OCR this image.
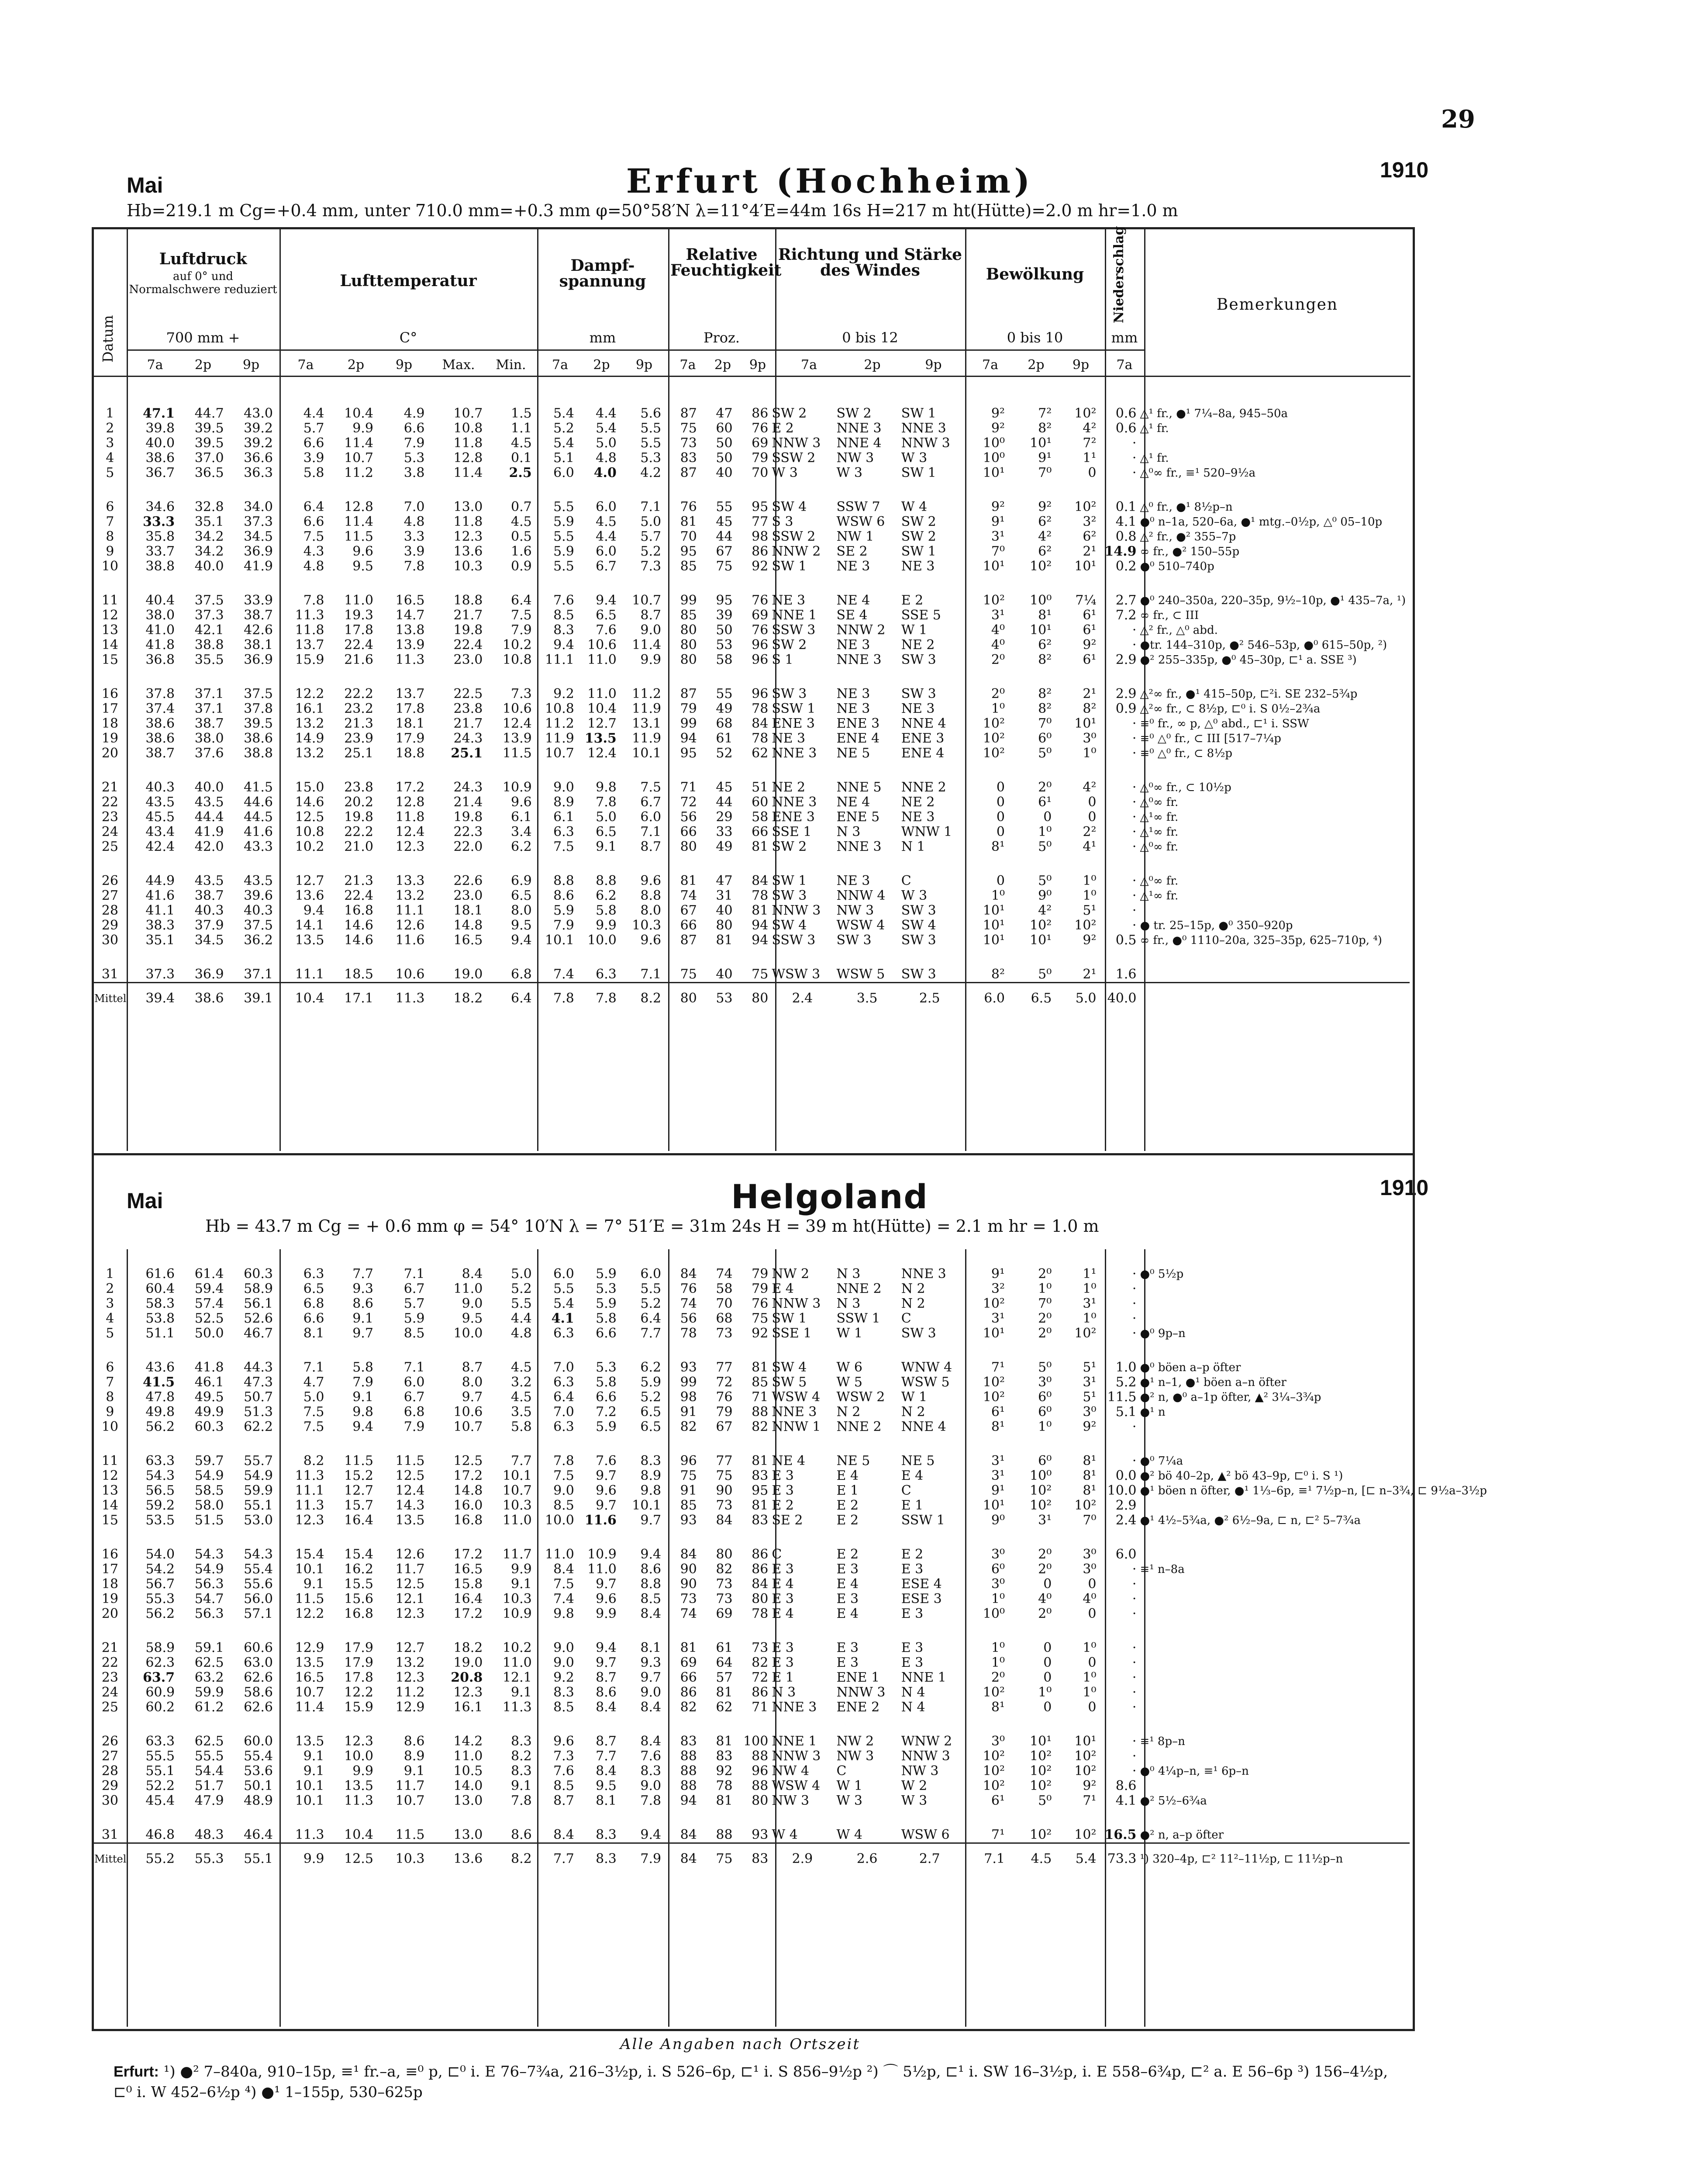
29
Mai	Erfurt (Hochheim)	1910
Hb=219.1 m Cg=+0.4 mm, unter 710.0 mm=+0.3 mm φ=50°58′N λ=11°4′E=44m 16s H=217 m ht(Hütte)=2.0 m hr=1.0 m
Datum
Luftdruck
auf 0° und Normalschwere reduziert
700 mm +
Lufttemperatur
C°
Dampf-spannung
mm
Relative Feuchtigkeit
Proz.
Richtung und Stärke des Windes
0 bis 12
Bewölkung
0 bis 10
Niederschlag
mm
Bemerkungen
7a	2p	9p	7a	2p	9p	Max.	Min.	7a	2p	9p	7a	2p	9p	7a	2p	9p	7a	2p	9p	7a
1	47.1	44.7	43.0	4.4	10.4	4.9	10.7	1.5	5.4	4.4	5.6	87	47	86	SW 2	SW 2	SW 1	9²	7²	10²	0.6	△¹ fr., ●¹ 7¼–8a, 945–50a
2	39.8	39.5	39.2	5.7	9.9	6.6	10.8	1.1	5.2	5.4	5.5	75	60	76	E 2	NNE 3	NNE 3	9²	8²	4²	0.6	△¹ fr.
3	40.0	39.5	39.2	6.6	11.4	7.9	11.8	4.5	5.4	5.0	5.5	73	50	69	NNW 3	NNE 4	NNW 3	10⁰	10¹	7²	·	
4	38.6	37.0	36.6	3.9	10.7	5.3	12.8	0.1	5.1	4.8	5.3	83	50	79	SSW 2	NW 3	W 3	10⁰	9¹	1¹	·	△¹ fr.
5	36.7	36.5	36.3	5.8	11.2	3.8	11.4	2.5	6.0	4.0	4.2	87	40	70	W 3	W 3	SW 1	10¹	7⁰	0	·	△⁰∞ fr., ≡¹ 520–9½a

6	34.6	32.8	34.0	6.4	12.8	7.0	13.0	0.7	5.5	6.0	7.1	76	55	95	SW 4	SSW 7	W 4	9²	9²	10²	0.1	△⁰ fr., ●¹ 8½p–n
7	33.3	35.1	37.3	6.6	11.4	4.8	11.8	4.5	5.9	4.5	5.0	81	45	77	S 3	WSW 6	SW 2	9¹	6²	3²	4.1	●⁰ n–1a, 520–6a, ●¹ mtg.–0½p, △⁰ 05–10p
8	35.8	34.2	34.5	7.5	11.5	3.3	12.3	0.5	5.5	4.4	5.7	70	44	98	SSW 2	NW 1	SW 2	3¹	4²	6²	0.8	△² fr., ●² 355–7p
9	33.7	34.2	36.9	4.3	9.6	3.9	13.6	1.6	5.9	6.0	5.2	95	67	86	NNW 2	SE 2	SW 1	7⁰	6²	2¹	14.9	∞ fr., ●² 150–55p
10	38.8	40.0	41.9	4.8	9.5	7.8	10.3	0.9	5.5	6.7	7.3	85	75	92	SW 1	NE 3	NE 3	10¹	10²	10¹	0.2	●⁰ 510–740p

11	40.4	37.5	33.9	7.8	11.0	16.5	18.8	6.4	7.6	9.4	10.7	99	95	76	NE 3	NE 4	E 2	10²	10⁰	7¼	2.7	●⁰ 240–350a, 220–35p, 9½–10p, ●¹ 435–7a, ¹)
12	38.0	37.3	38.7	11.3	19.3	14.7	21.7	7.5	8.5	6.5	8.7	85	39	69	NNE 1	SE 4	SSE 5	3¹	8¹	6¹	7.2	∞ fr., ⊂ III
13	41.0	42.1	42.6	11.8	17.8	13.8	19.8	7.9	8.3	7.6	9.0	80	50	76	SSW 3	NNW 2	W 1	4⁰	10¹	6¹	·	△² fr., △⁰ abd.
14	41.8	38.8	38.1	13.7	22.4	13.9	22.4	10.2	9.4	10.6	11.4	80	53	96	SW 2	NE 3	NE 2	4⁰	6²	9²	·	●tr. 144–310p, ●² 546–53p, ●⁰ 615–50p, ²)
15	36.8	35.5	36.9	15.9	21.6	11.3	23.0	10.8	11.1	11.0	9.9	80	58	96	S 1	NNE 3	SW 3	2⁰	8²	6¹	2.9	●² 255–335p, ●⁰ 45–30p, ⊏¹ a. SSE ³)

16	37.8	37.1	37.5	12.2	22.2	13.7	22.5	7.3	9.2	11.0	11.2	87	55	96	SW 3	NE 3	SW 3	2⁰	8²	2¹	2.9	△²∞ fr., ●¹ 415–50p, ⊏²i. SE 232–5¾p
17	37.4	37.1	37.8	16.1	23.2	17.8	23.8	10.6	10.8	10.4	11.9	79	49	78	SSW 1	NE 3	NE 3	1⁰	8²	8²	0.9	△²∞ fr., ⊂ 8½p, ⊏⁰ i. S 0½–2¾a
18	38.6	38.7	39.5	13.2	21.3	18.1	21.7	12.4	11.2	12.7	13.1	99	68	84	ENE 3	ENE 3	NNE 4	10²	7⁰	10¹	·	≡⁰ fr., ∞ p, △⁰ abd., ⊏¹ i. SSW
19	38.6	38.0	38.6	14.9	23.9	17.9	24.3	13.9	11.9	13.5	11.9	94	61	78	NE 3	ENE 4	ENE 3	10²	6⁰	3⁰	·	≡⁰ △⁰ fr., ⊂ III [517–7¼p
20	38.7	37.6	38.8	13.2	25.1	18.8	25.1	11.5	10.7	12.4	10.1	95	52	62	NNE 3	NE 5	ENE 4	10²	5⁰	1⁰	·	≡⁰ △⁰ fr., ⊂ 8½p

21	40.3	40.0	41.5	15.0	23.8	17.2	24.3	10.9	9.0	9.8	7.5	71	45	51	NE 2	NNE 5	NNE 2	0	2⁰	4²	·	△⁰∞ fr., ⊂ 10½p
22	43.5	43.5	44.6	14.6	20.2	12.8	21.4	9.6	8.9	7.8	6.7	72	44	60	NNE 3	NE 4	NE 2	0	6¹	0	·	△⁰∞ fr.
23	45.5	44.4	44.5	12.5	19.8	11.8	19.8	6.1	6.1	5.0	6.0	56	29	58	ENE 3	ENE 5	NE 3	0	0	0	·	△¹∞ fr.
24	43.4	41.9	41.6	10.8	22.2	12.4	22.3	3.4	6.3	6.5	7.1	66	33	66	SSE 1	N 3	WNW 1	0	1⁰	2²	·	△¹∞ fr.
25	42.4	42.0	43.3	10.2	21.0	12.3	22.0	6.2	7.5	9.1	8.7	80	49	81	SW 2	NNE 3	N 1	8¹	5⁰	4¹	·	△⁰∞ fr.

26	44.9	43.5	43.5	12.7	21.3	13.3	22.6	6.9	8.8	8.8	9.6	81	47	84	SW 1	NE 3	C	0	5⁰	1⁰	·	△⁰∞ fr.
27	41.6	38.7	39.6	13.6	22.4	13.2	23.0	6.5	8.6	6.2	8.8	74	31	78	SW 3	NNW 4	W 3	1⁰	9⁰	1⁰	·	△¹∞ fr.
28	41.1	40.3	40.3	9.4	16.8	11.1	18.1	8.0	5.9	5.8	8.0	67	40	81	NNW 3	NW 3	SW 3	10¹	4²	5¹	·	
29	38.3	37.9	37.5	14.1	14.6	12.6	14.8	9.5	7.9	9.9	10.3	66	80	94	SW 4	WSW 4	SW 4	10¹	10²	10²	·	● tr. 25–15p, ●⁰ 350–920p
30	35.1	34.5	36.2	13.5	14.6	11.6	16.5	9.4	10.1	10.0	9.6	87	81	94	SSW 3	SW 3	SW 3	10¹	10¹	9²	0.5	∞ fr., ●⁰ 1110–20a, 325–35p, 625–710p, ⁴)

31	37.3	36.9	37.1	11.1	18.5	10.6	19.0	6.8	7.4	6.3	7.1	75	40	75	WSW 3	WSW 5	SW 3	8²	5⁰	2¹	1.6	
Mittel	39.4	38.6	39.1	10.4	17.1	11.3	18.2	6.4	7.8	7.8	8.2	80	53	80	2.4	3.5	2.5	6.0	6.5	5.0	40.0	
Mai	Helgoland	1910
Hb = 43.7 m Cg = + 0.6 mm φ = 54° 10′N λ = 7° 51′E = 31m 24s H = 39 m ht(Hütte) = 2.1 m hr = 1.0 m
1	61.6	61.4	60.3	6.3	7.7	7.1	8.4	5.0	6.0	5.9	6.0	84	74	79	NW 2	N 3	NNE 3	9¹	2⁰	1¹	·	●⁰ 5½p
2	60.4	59.4	58.9	6.5	9.3	6.7	11.0	5.2	5.5	5.3	5.5	76	58	79	E 4	NNE 2	N 2	3²	1⁰	1⁰	·	
3	58.3	57.4	56.1	6.8	8.6	5.7	9.0	5.5	5.4	5.9	5.2	74	70	76	NNW 3	N 3	N 2	10²	7⁰	3¹	·	
4	53.8	52.5	52.6	6.6	9.1	5.9	9.5	4.4	4.1	5.8	6.4	56	68	75	SW 1	SSW 1	C	3¹	2⁰	1⁰	·	
5	51.1	50.0	46.7	8.1	9.7	8.5	10.0	4.8	6.3	6.6	7.7	78	73	92	SSE 1	W 1	SW 3	10¹	2⁰	10²	·	●⁰ 9p–n

6	43.6	41.8	44.3	7.1	5.8	7.1	8.7	4.5	7.0	5.3	6.2	93	77	81	SW 4	W 6	WNW 4	7¹	5⁰	5¹	1.0	●⁰ böen a–p öfter
7	41.5	46.1	47.3	4.7	7.9	6.0	8.0	3.2	6.3	5.8	5.9	99	72	85	SW 5	W 5	WSW 5	10²	3⁰	3¹	5.2	●¹ n–1, ●¹ böen a–n öfter
8	47.8	49.5	50.7	5.0	9.1	6.7	9.7	4.5	6.4	6.6	5.2	98	76	71	WSW 4	WSW 2	W 1	10²	6⁰	5¹	11.5	●² n, ●⁰ a–1p öfter, ▲² 3¼–3¾p
9	49.8	49.9	51.3	7.5	9.8	6.8	10.6	3.5	7.0	7.2	6.5	91	79	88	NNE 3	N 2	N 2	6¹	6⁰	3⁰	5.1	●¹ n
10	56.2	60.3	62.2	7.5	9.4	7.9	10.7	5.8	6.3	5.9	6.5	82	67	82	NNW 1	NNE 2	NNE 4	8¹	1⁰	9²	·	

11	63.3	59.7	55.7	8.2	11.5	11.5	12.5	7.7	7.8	7.6	8.3	96	77	81	NE 4	NE 5	NE 5	3¹	6⁰	8¹	·	●⁰ 7¼a
12	54.3	54.9	54.9	11.3	15.2	12.5	17.2	10.1	7.5	9.7	8.9	75	75	83	E 3	E 4	E 4	3¹	10⁰	8¹	0.0	●² bö 40–2p, ▲² bö 43–9p, ⊏⁰ i. S ¹)
13	56.5	58.5	59.9	11.1	12.7	12.4	14.8	10.7	9.0	9.6	9.8	91	90	95	E 3	E 1	C	9¹	10²	8¹	10.0	●¹ böen n öfter, ●¹ 1⅓–6p, ≡¹ 7½p–n, [⊏ n–3¾, ⊏ 9½a–3½p
14	59.2	58.0	55.1	11.3	15.7	14.3	16.0	10.3	8.5	9.7	10.1	85	73	81	E 2	E 2	E 1	10¹	10²	10²	2.9	
15	53.5	51.5	53.0	12.3	16.4	13.5	16.8	11.0	10.0	11.6	9.7	93	84	83	SE 2	E 2	SSW 1	9⁰	3¹	7⁰	2.4	●¹ 4½–5¾a, ●² 6½–9a, ⊏ n, ⊏² 5–7¾a

16	54.0	54.3	54.3	15.4	15.4	12.6	17.2	11.7	11.0	10.9	9.4	84	80	86	C	E 2	E 2	3⁰	2⁰	3⁰	6.0	
17	54.2	54.9	55.4	10.1	16.2	11.7	16.5	9.9	8.4	11.0	8.6	90	82	86	E 3	E 3	E 3	6⁰	2⁰	3⁰	·	≡¹ n–8a
18	56.7	56.3	55.6	9.1	15.5	12.5	15.8	9.1	7.5	9.7	8.8	90	73	84	E 4	E 4	ESE 4	3⁰	0	0	·	
19	55.3	54.7	56.0	11.5	15.6	12.1	16.4	10.3	7.4	9.6	8.5	73	73	80	E 3	E 3	ESE 3	1⁰	4⁰	4⁰	·	
20	56.2	56.3	57.1	12.2	16.8	12.3	17.2	10.9	9.8	9.9	8.4	74	69	78	E 4	E 4	E 3	10⁰	2⁰	0	·	

21	58.9	59.1	60.6	12.9	17.9	12.7	18.2	10.2	9.0	9.4	8.1	81	61	73	E 3	E 3	E 3	1⁰	0	1⁰	·	
22	62.3	62.5	63.0	13.5	17.9	13.2	19.0	11.0	9.0	9.7	9.3	69	64	82	E 3	E 3	E 3	1⁰	0	0	·	
23	63.7	63.2	62.6	16.5	17.8	12.3	20.8	12.1	9.2	8.7	9.7	66	57	72	E 1	ENE 1	NNE 1	2⁰	0	1⁰	·	
24	60.9	59.9	58.6	10.7	12.2	11.2	12.3	9.1	8.3	8.6	9.0	86	81	86	N 3	NNW 3	N 4	10²	1⁰	1⁰	·	
25	60.2	61.2	62.6	11.4	15.9	12.9	16.1	11.3	8.5	8.4	8.4	82	62	71	NNE 3	ENE 2	N 4	8¹	0	0	·	

26	63.3	62.5	60.0	13.5	12.3	8.6	14.2	8.3	9.6	8.7	8.4	83	81	100	NNE 1	NW 2	WNW 2	3⁰	10¹	10¹	·	≡¹ 8p–n
27	55.5	55.5	55.4	9.1	10.0	8.9	11.0	8.2	7.3	7.7	7.6	88	83	88	NNW 3	NW 3	NNW 3	10²	10²	10²	·	
28	55.1	54.4	53.6	9.1	9.9	9.1	10.5	8.3	7.6	8.4	8.3	88	92	96	NW 4	C	NW 3	10²	10²	10²	·	●⁰ 4¼p–n, ≡¹ 6p–n
29	52.2	51.7	50.1	10.1	13.5	11.7	14.0	9.1	8.5	9.5	9.0	88	78	88	WSW 4	W 1	W 2	10²	10²	9²	8.6	
30	45.4	47.9	48.9	10.1	11.3	10.7	13.0	7.8	8.7	8.1	7.8	94	81	80	NW 3	W 3	W 3	6¹	5⁰	7¹	4.1	●² 5½–6¾a

31	46.8	48.3	46.4	11.3	10.4	11.5	13.0	8.6	8.4	8.3	9.4	84	88	93	W 4	W 4	WSW 6	7¹	10²	10²	16.5	●² n, a–p öfter
Mittel	55.2	55.3	55.1	9.9	12.5	10.3	13.6	8.2	7.7	8.3	7.9	84	75	83	2.9	2.6	2.7	7.1	4.5	5.4	73.3	¹) 320–4p, ⊏² 11²–11½p, ⊏ 11½p–n
Alle Angaben nach Ortszeit
Erfurt: ¹) ●² 7–840a, 910–15p, ≡¹ fr.–a, ≡⁰ p, ⊏⁰ i. E 76–7¾a, 216–3½p, i. S 526–6p, ⊏¹ i. S 856–9½p ²) ⌒ 5½p, ⊏¹ i. SW 16–3½p, i. E 558–6¾p, ⊏² a. E 56–6p ³) 156–4½p,
⊏⁰ i. W 452–6½p ⁴) ●¹ 1–155p, 530–625p
